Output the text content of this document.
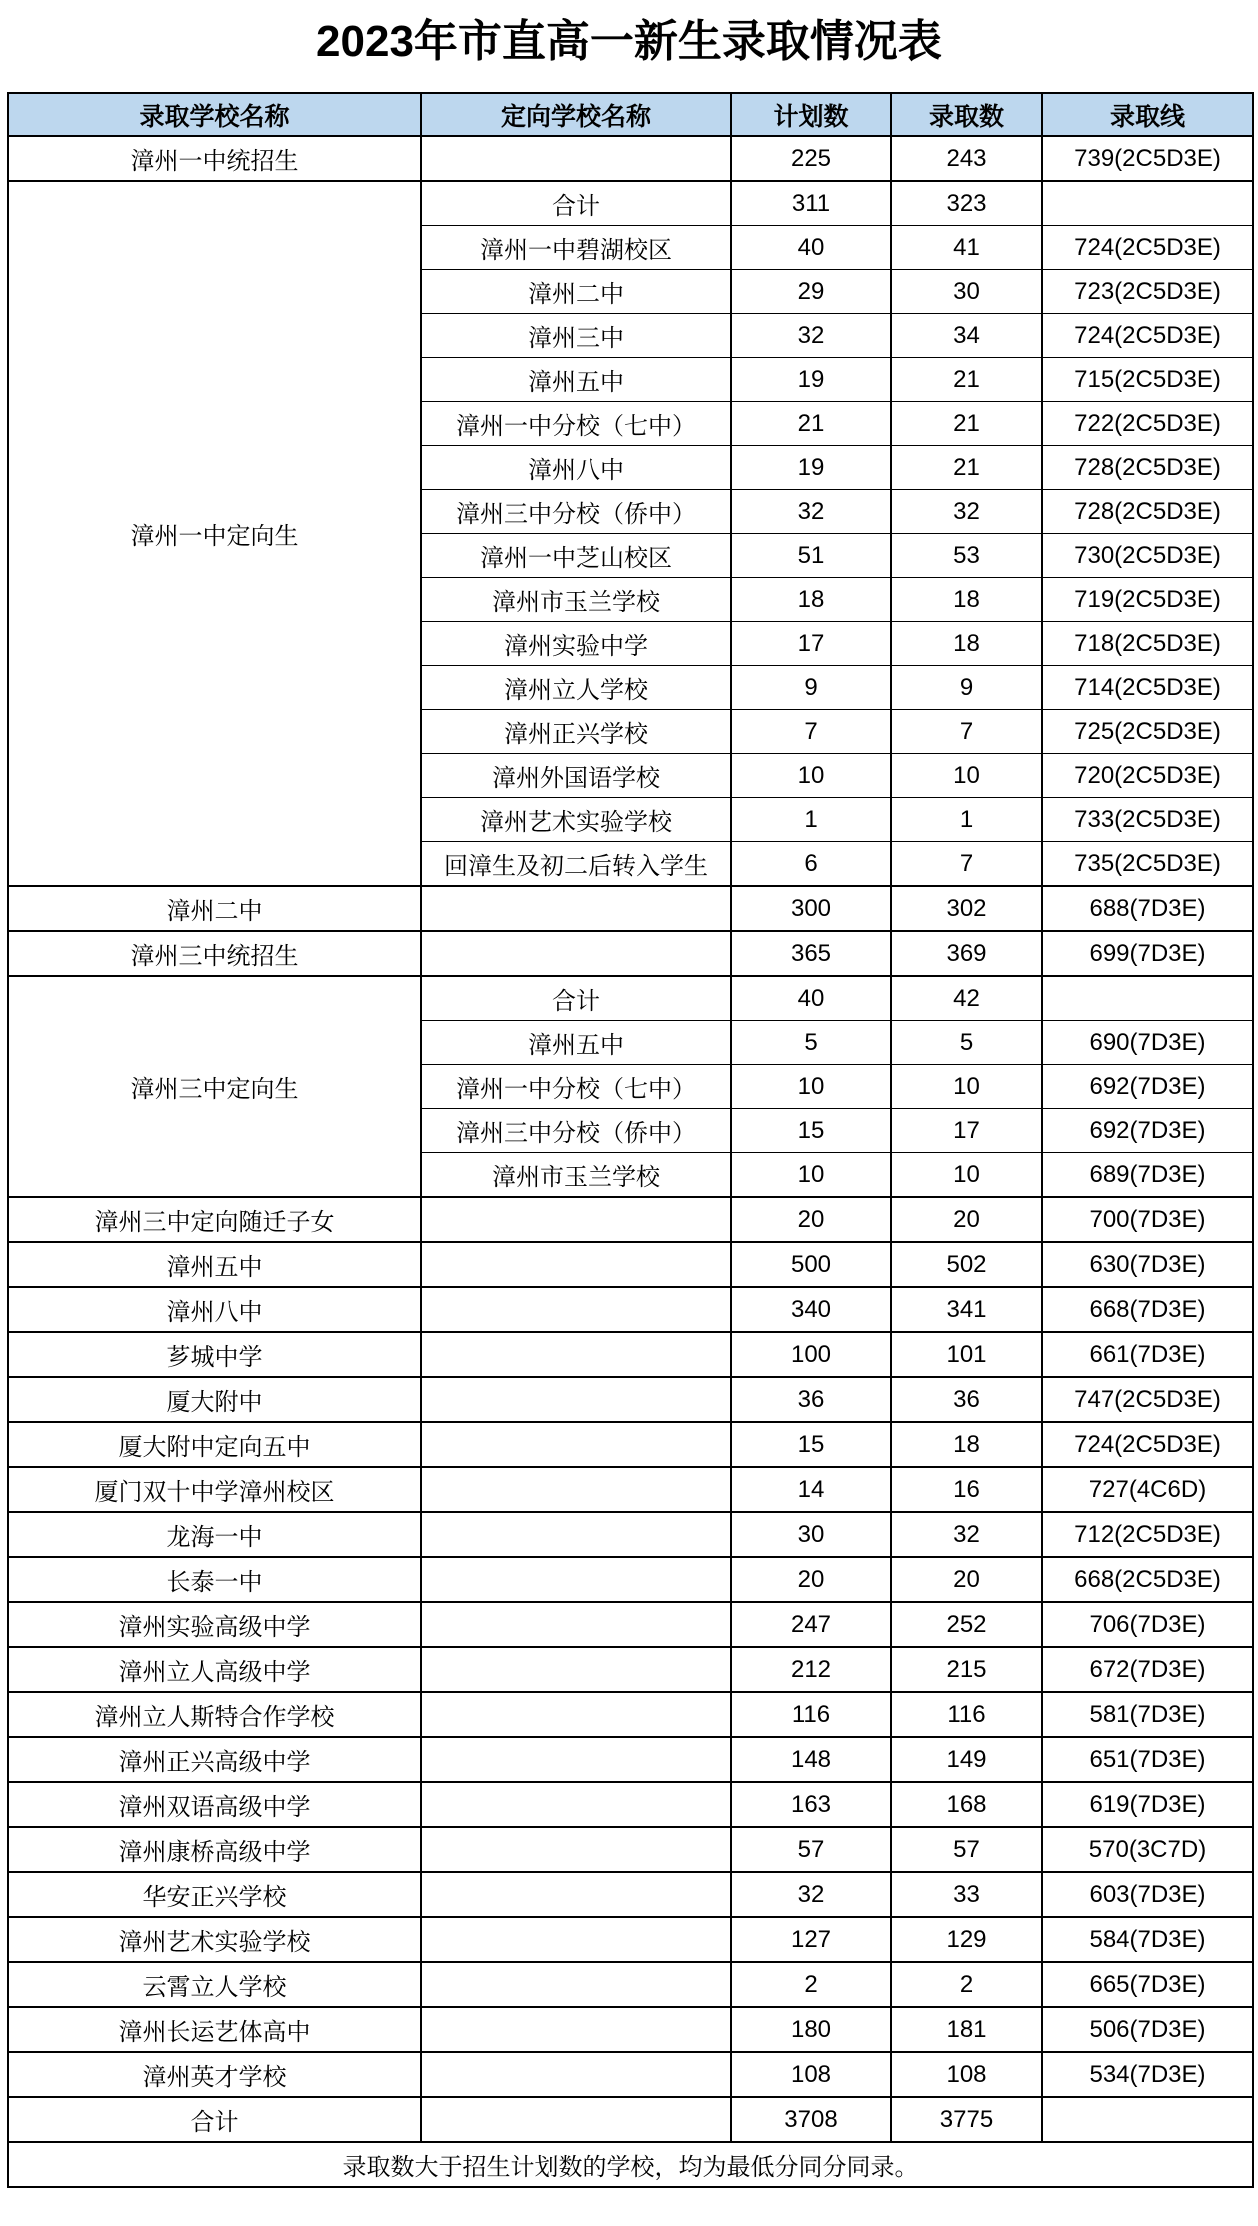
2023年市直高一新生录取情况表
录取学校名称	定向学校名称	计划数	录取数	录取线
漳州一中统招生		225	243	739(2C5D3E)
漳州一中定向生	合计	311	323	
	漳州一中碧湖校区	40	41	724(2C5D3E)
	漳州二中	29	30	723(2C5D3E)
	漳州三中	32	34	724(2C5D3E)
	漳州五中	19	21	715(2C5D3E)
	漳州一中分校（七中）	21	21	722(2C5D3E)
	漳州八中	19	21	728(2C5D3E)
	漳州三中分校（侨中）	32	32	728(2C5D3E)
	漳州一中芝山校区	51	53	730(2C5D3E)
	漳州市玉兰学校	18	18	719(2C5D3E)
	漳州实验中学	17	18	718(2C5D3E)
	漳州立人学校	9	9	714(2C5D3E)
	漳州正兴学校	7	7	725(2C5D3E)
	漳州外国语学校	10	10	720(2C5D3E)
	漳州艺术实验学校	1	1	733(2C5D3E)
	回漳生及初二后转入学生	6	7	735(2C5D3E)
漳州二中		300	302	688(7D3E)
漳州三中统招生		365	369	699(7D3E)
漳州三中定向生	合计	40	42	
	漳州五中	5	5	690(7D3E)
	漳州一中分校（七中）	10	10	692(7D3E)
	漳州三中分校（侨中）	15	17	692(7D3E)
	漳州市玉兰学校	10	10	689(7D3E)
漳州三中定向随迁子女		20	20	700(7D3E)
漳州五中		500	502	630(7D3E)
漳州八中		340	341	668(7D3E)
芗城中学		100	101	661(7D3E)
厦大附中		36	36	747(2C5D3E)
厦大附中定向五中		15	18	724(2C5D3E)
厦门双十中学漳州校区		14	16	727(4C6D)
龙海一中		30	32	712(2C5D3E)
长泰一中		20	20	668(2C5D3E)
漳州实验高级中学		247	252	706(7D3E)
漳州立人高级中学		212	215	672(7D3E)
漳州立人斯特合作学校		116	116	581(7D3E)
漳州正兴高级中学		148	149	651(7D3E)
漳州双语高级中学		163	168	619(7D3E)
漳州康桥高级中学		57	57	570(3C7D)
华安正兴学校		32	33	603(7D3E)
漳州艺术实验学校		127	129	584(7D3E)
云霄立人学校		2	2	665(7D3E)
漳州长运艺体高中		180	181	506(7D3E)
漳州英才学校		108	108	534(7D3E)
合计		3708	3775	
录取数大于招生计划数的学校，均为最低分同分同录。				
